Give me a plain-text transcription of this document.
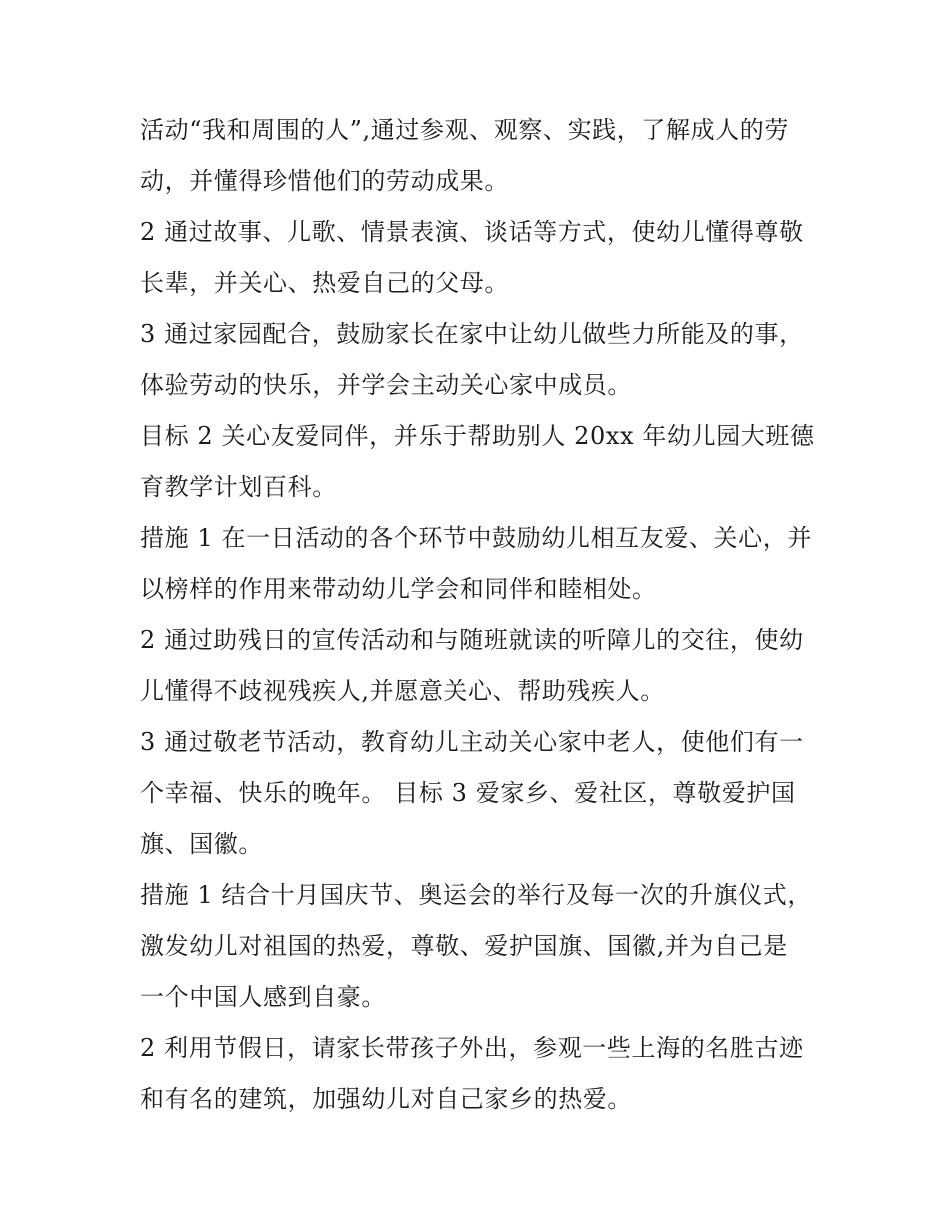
活动“我和周围的人”,通过参观、观察、实践，了解成人的劳
动，并懂得珍惜他们的劳动成果。
2 通过故事、儿歌、情景表演、谈话等方式，使幼儿懂得尊敬
长辈，并关心、热爱自己的父母。
3 通过家园配合，鼓励家长在家中让幼儿做些力所能及的事，
体验劳动的快乐，并学会主动关心家中成员。
目标 2 关心友爱同伴，并乐于帮助别人 20xx 年幼儿园大班德
育教学计划百科。
措施 1 在一日活动的各个环节中鼓励幼儿相互友爱、关心，并
以榜样的作用来带动幼儿学会和同伴和睦相处。
2 通过助残日的宣传活动和与随班就读的听障儿的交往，使幼
儿懂得不歧视残疾人,并愿意关心、帮助残疾人。
3 通过敬老节活动，教育幼儿主动关心家中老人，使他们有一
个幸福、快乐的晚年。 目标 3 爱家乡、爱社区，尊敬爱护国
旗、国徽。
措施 1 结合十月国庆节、奥运会的举行及每一次的升旗仪式，
激发幼儿对祖国的热爱，尊敬、爱护国旗、国徽,并为自己是
一个中国人感到自豪。
2 利用节假日，请家长带孩子外出，参观一些上海的名胜古迹
和有名的建筑，加强幼儿对自己家乡的热爱。
